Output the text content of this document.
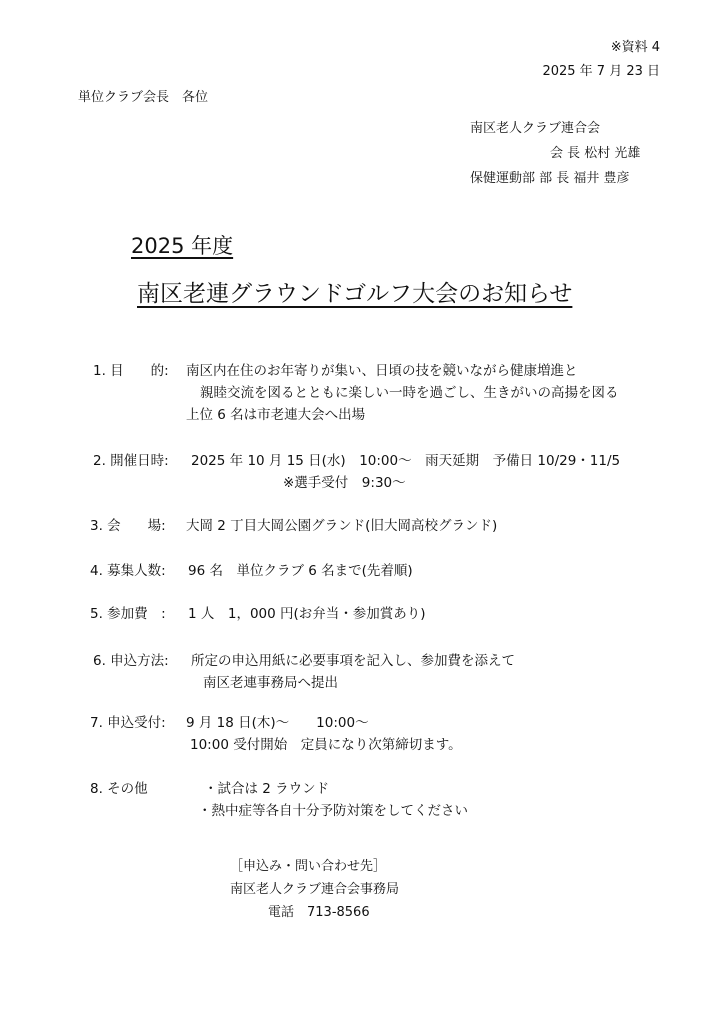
※資料 4
2025 年 7 月 23 日
単位クラブ会長　各位
南区老人クラブ連合会
会 長 松村 光雄
保健運動部 部 長 福井 豊彦
2025 年度
南区老連グラウンドゴルフ大会のお知らせ
1. 目　　的: 南区内在住のお年寄りが集い、日頃の技を競いながら健康増進と
親睦交流を図るとともに楽しい一時を過ごし、生きがいの高揚を図る
上位 6 名は市老連大会へ出場
2. 開催日時: 2025 年 10 月 15 日(水)　10:00～　雨天延期　予備日 10/29・11/5
※選手受付　9:30～
3. 会　　場: 大岡 2 丁目大岡公園グランド(旧大岡高校グランド)
4. 募集人数: 96 名　単位クラブ 6 名まで(先着順)
5. 参加費　: 1 人　1，000 円(お弁当・参加賞あり)
6. 申込方法: 所定の申込用紙に必要事項を記入し、参加費を添えて
南区老連事務局へ提出
7. 申込受付: 9 月 18 日(木)～　　10:00～
10:00 受付開始　定員になり次第締切ます。
8. その他	・試合は 2 ラウンド
・熱中症等各自十分予防対策をしてください
［申込み・問い合わせ先］
南区老人クラブ連合会事務局
電話　713-8566
